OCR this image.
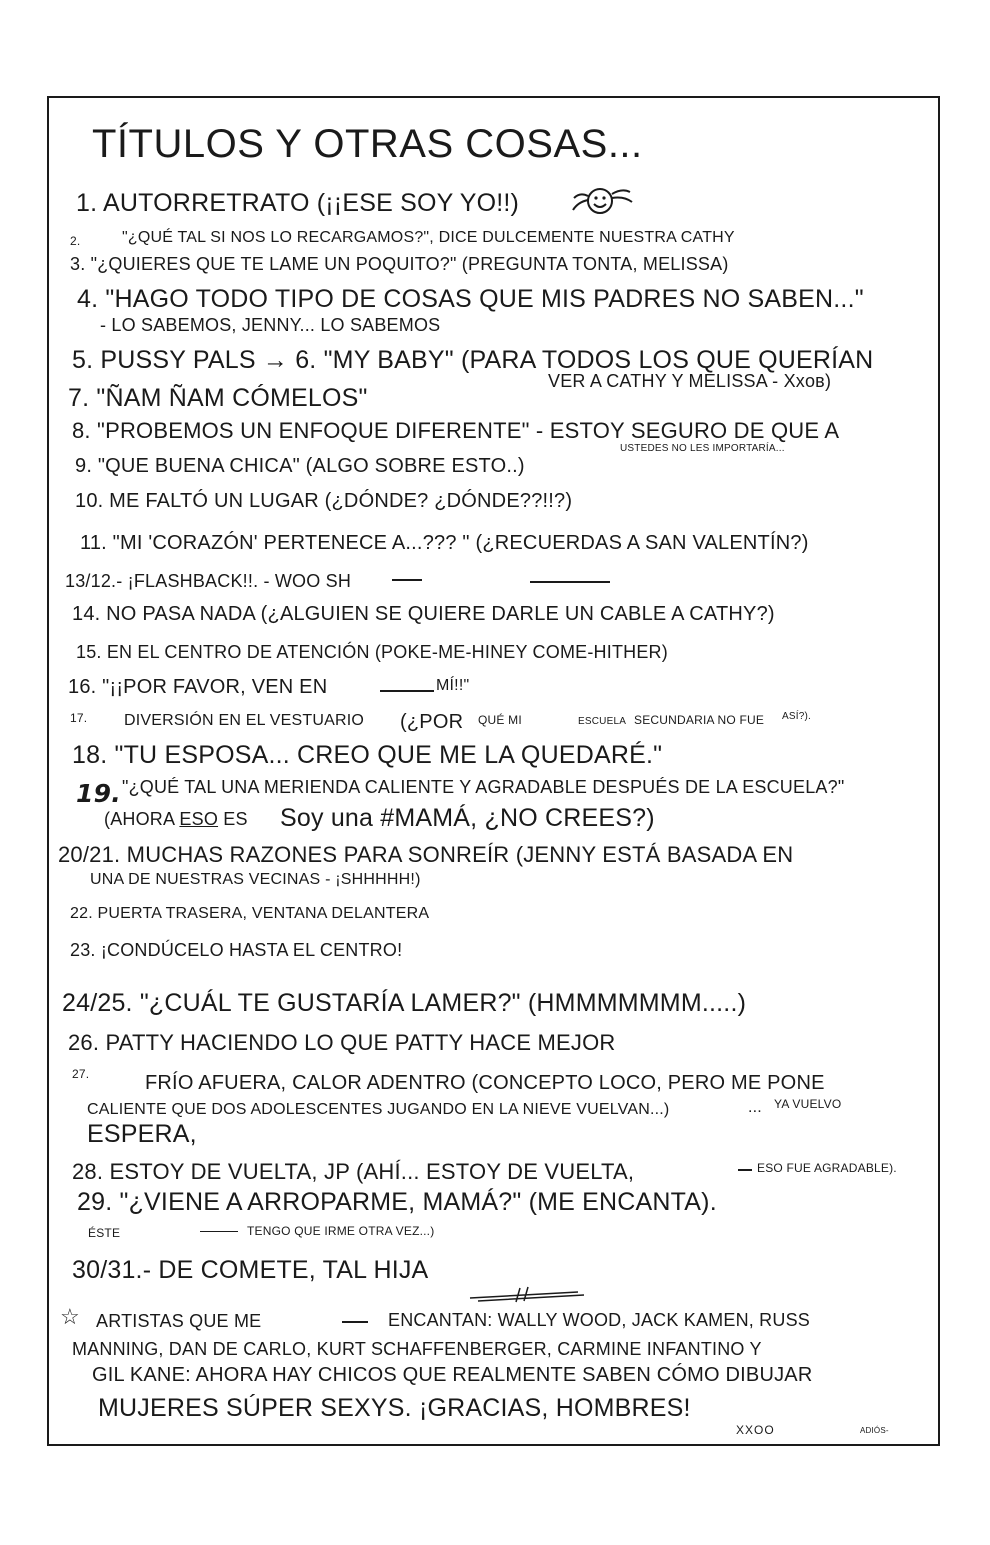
TÍTULOS Y OTRAS COSAS...
1. AUTORRETRATO (¡¡ESE SOY YO!!)
2.	"¿QUÉ TAL SI NOS LO RECARGAMOS?", DICE DULCEMENTE NUESTRA CATHY
3. "¿QUIERES QUE TE LAME UN POQUITO?" (PREGUNTA TONTA, MELISSA)
4. "HAGO TODO TIPO DE COSAS QUE MIS PADRES NO SABEN..."
- LO SABEMOS, JENNY... LO SABEMOS
5. PUSSY PALS → 6. "MY BABY" (PARA TODOS LOS QUE QUERÍAN
VER A CATHY Y MELISSA - Xxов)
7. "ÑAM ÑAM CÓMELOS"
8. "PROBEMOS UN ENFOQUE DIFERENTE" - ESTOY SEGURO DE QUE A
USTEDES NO LES IMPORTARÍA...
9. "QUE BUENA CHICA" (ALGO SOBRE ESTO..)
10. ME FALTÓ UN LUGAR (¿DÓNDE? ¿DÓNDE??!!?)
11. "MI 'CORAZÓN' PERTENECE A...??? " (¿RECUERDAS A SAN VALENTÍN?)
13/12.- ¡FLASHBACK!!. - WOO SH
14. NO PASA NADA (¿ALGUIEN SE QUIERE DARLE UN CABLE A CATHY?)
15. EN EL CENTRO DE ATENCIÓN (POKE-ME-HINEY COME-HITHER)
16. "¡¡POR FAVOR, VEN EN	MÍ!!"
17. DIVERSIÓN EN EL VESTUARIO (¿POR QUÉ MI	ESCUELA SECUNDARIA NO FUE ASÍ?).
18. "TU ESPOSA... CREO QUE ME LA QUEDARÉ."
19. "¿QUÉ TAL UNA MERIENDA CALIENTE Y AGRADABLE DESPUÉS DE LA ESCUELA?"
(AHORA ESO ES Soy una #MAMÁ, ¿NO CREES?)
20/21. MUCHAS RAZONES PARA SONREÍR (JENNY ESTÁ BASADA EN
UNA DE NUESTRAS VECINAS - ¡SHHHHH!)
22. PUERTA TRASERA, VENTANA DELANTERA
23. ¡CONDÚCELO HASTA EL CENTRO!
24/25. "¿CUÁL TE GUSTARÍA LAMER?" (HMMMMMMM.....)
26. PATTY HACIENDO LO QUE PATTY HACE MEJOR
27.	FRÍO AFUERA, CALOR ADENTRO (CONCEPTO LOCO, PERO ME PONE
CALIENTE QUE DOS ADOLESCENTES JUGANDO EN LA NIEVE VUELVAN...)	... YA VUELVO
ESPERA,
28. ESTOY DE VUELTA, JP (AHÍ... ESTOY DE VUELTA,	ESO FUE AGRADABLE).
29. "¿VIENE A ARROPARME, MAMÁ?" (ME ENCANTA).
ÉSTE	TENGO QUE IRME OTRA VEZ...)
30/31.- DE COMETE, TAL HIJA
☆ ARTISTAS QUE ME	ENCANTAN: WALLY WOOD, JACK KAMEN, RUSS
MANNING, DAN DE CARLO, KURT SCHAFFENBERGER, CARMINE INFANTINO Y
GIL KANE: AHORA HAY CHICOS QUE REALMENTE SABEN CÓMO DIBUJAR
MUJERES SÚPER SEXYS. ¡GRACIAS, HOMBRES!
XXOO	ADIÓS-
